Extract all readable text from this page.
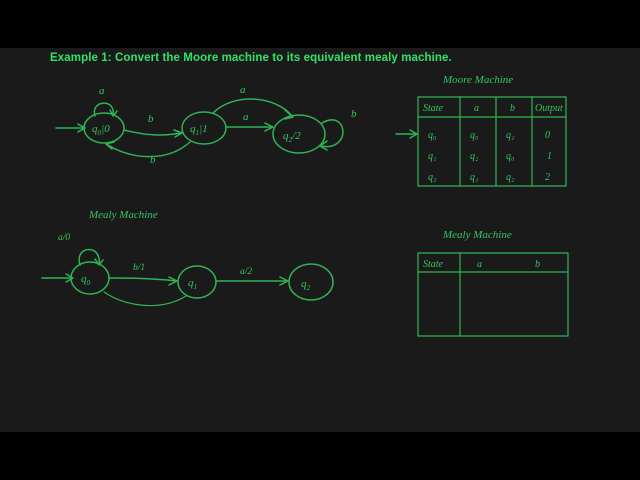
Example 1: Convert the Moore machine to its equivalent mealy machine.
$q_0|0$
a
$q_1|1$
b
b
$q_2/2$
a
a	b
Mealy Machine
$q_0$
a/0
$q_1$
b/1
$q_2$
a/2
Moore Machine
State	a	b Output
q₀	q₀	q₁	0
q₁	q₂	q₀	1
q₂	q₁	q₂	2
Mealy Machine
State	a	b
